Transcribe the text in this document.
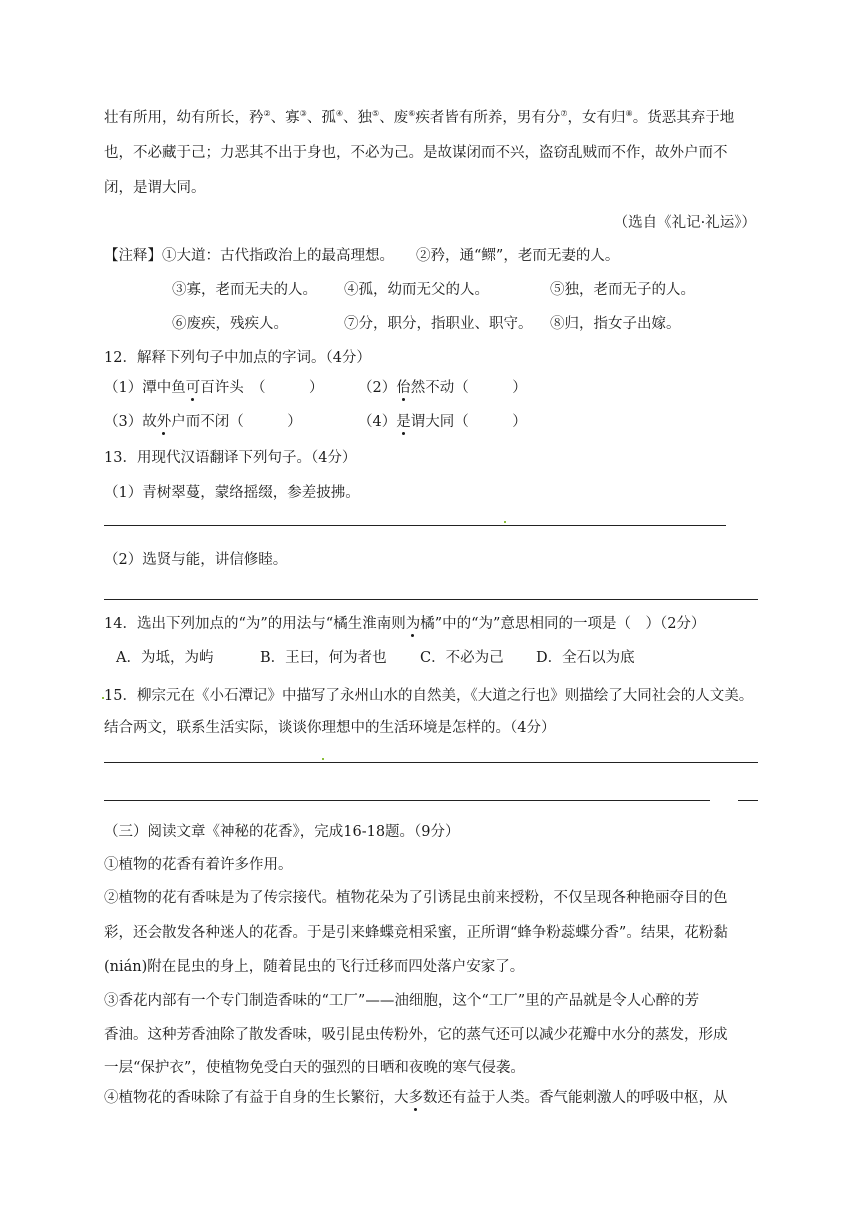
壮有所用，幼有所长，矜②、寡③、孤④、独⑤、废⑥疾者皆有所养，男有分⑦，女有归⑧。货恶其弃于地
也，不必藏于己；力恶其不出于身也，不必为己。是故谋闭而不兴，盗窃乱贼而不作，故外户而不
闭，是谓大同。
（选自《礼记·礼运》）
【注释】①大道：古代指政治上的最高理想。 ②矜，通“鳏”，老而无妻的人。
③寡，老而无夫的人。 ④孤，幼而无父的人。	⑤独，老而无子的人。
⑥废疾，残疾人。	⑦分，职分，指职业、职守。 ⑧归，指女子出嫁。
12．解释下列句子中加点的字词。（4分）
（1）潭中鱼可百许头　（　　　） （2）佁然不动（　　　）
（3）故外户而不闭（　　　）	（4）是谓大同（　　　）
13．用现代汉语翻译下列句子。（4分）
（1）青树翠蔓，蒙络摇缀，参差披拂。
（2）选贤与能，讲信修睦。
14．选出下列加点的“为”的用法与“橘生淮南则为橘”中的“为”意思相同的一项是（　）（2分）
A．为坻，为屿	B．王曰，何为者也 C．不必为己 D．全石以为底
15．柳宗元在《小石潭记》中描写了永州山水的自然美，《大道之行也》则描绘了大同社会的人文美。
结合两文，联系生活实际，谈谈你理想中的生活环境是怎样的。（4分）
（三）阅读文章《神秘的花香》，完成16-18题。（9分）
①植物的花香有着许多作用。
②植物的花有香味是为了传宗接代。植物花朵为了引诱昆虫前来授粉，不仅呈现各种艳丽夺目的色
彩，还会散发各种迷人的花香。于是引来蜂蝶竞相采蜜，正所谓“蜂争粉蕊蝶分香”。结果，花粉黏
(nián)附在昆虫的身上，随着昆虫的飞行迁移而四处落户安家了。
③香花内部有一个专门制造香味的“工厂”——油细胞，这个“工厂”里的产品就是令人心醉的芳
香油。这种芳香油除了散发香味，吸引昆虫传粉外，它的蒸气还可以减少花瓣中水分的蒸发，形成
一层“保护衣”，使植物免受白天的强烈的日晒和夜晚的寒气侵袭。
④植物花的香味除了有益于自身的生长繁衍，大多数还有益于人类。香气能刺激人的呼吸中枢，从
